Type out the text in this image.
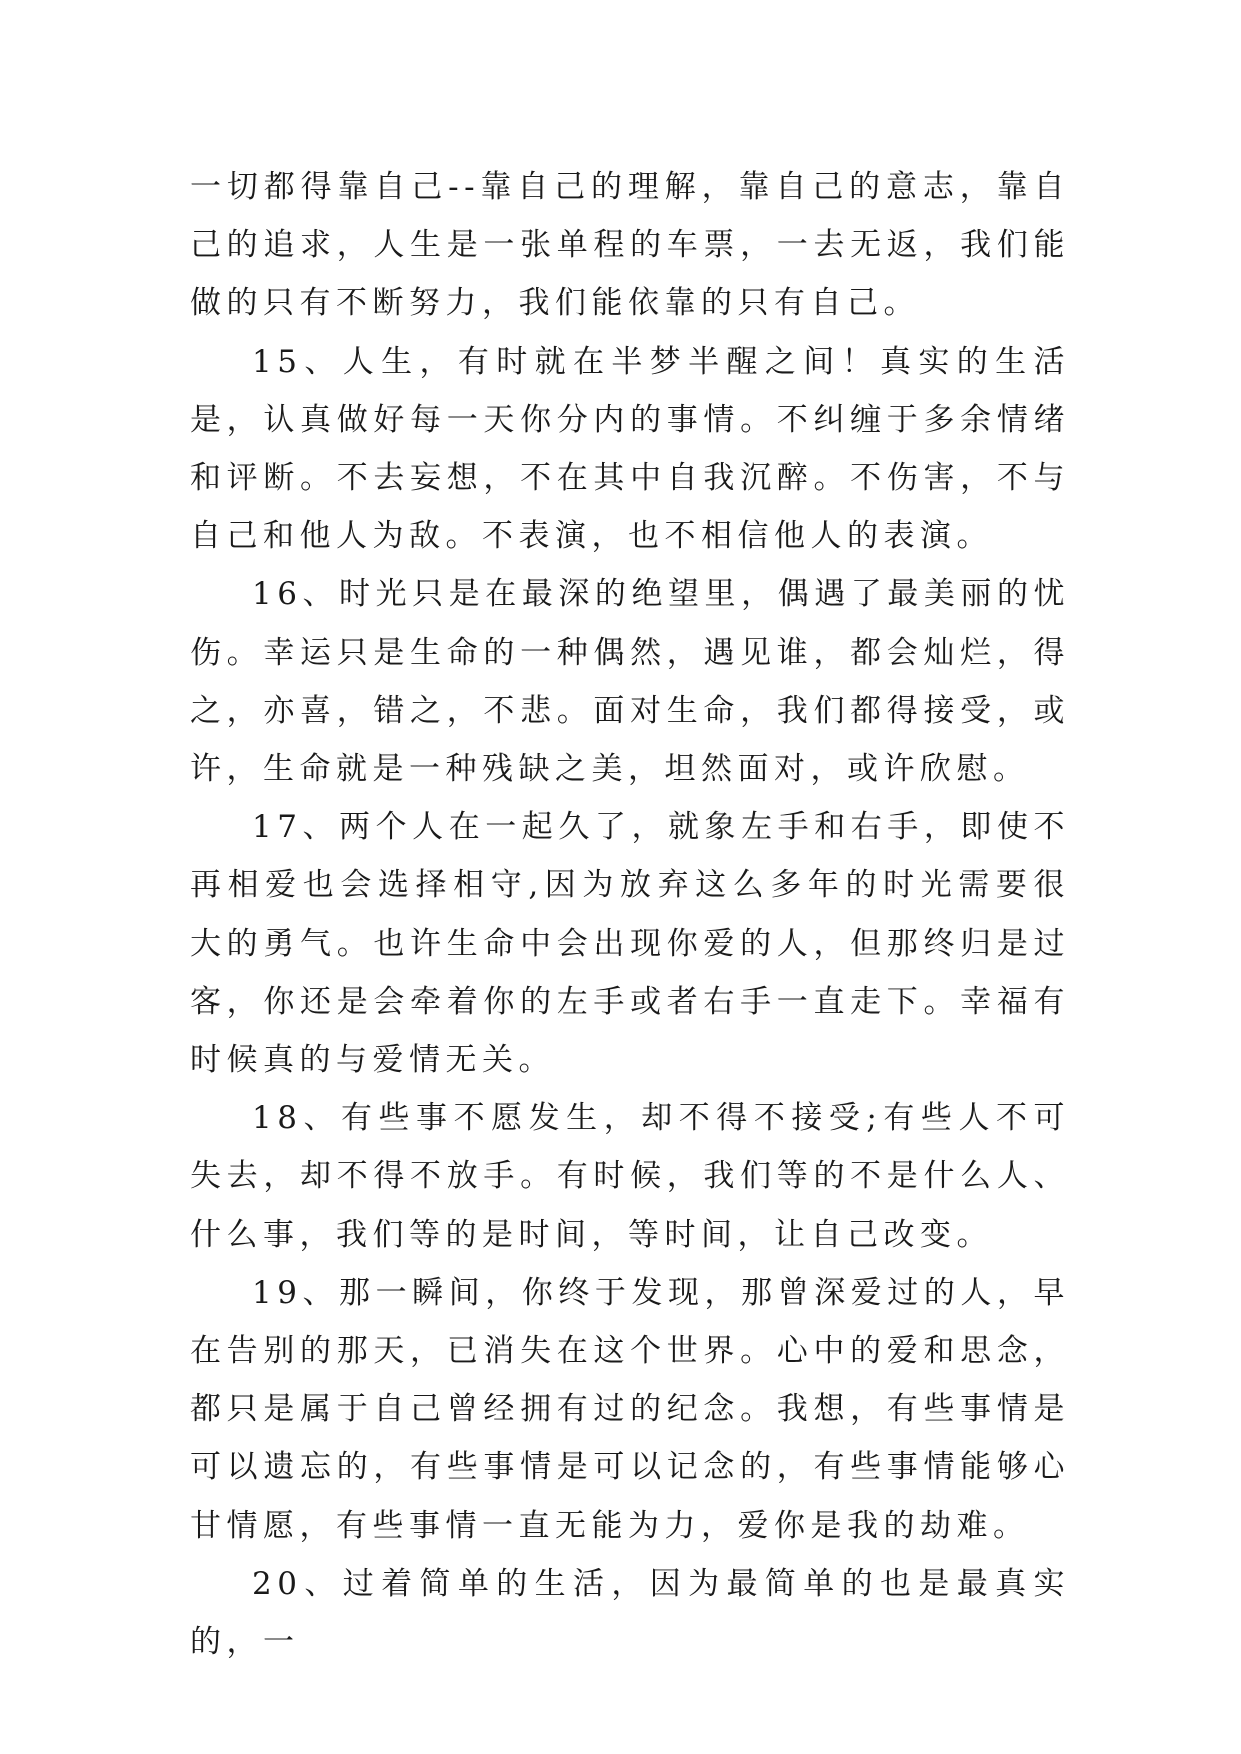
一切都得靠自己--靠自己的理解，靠自己的意志，靠自己的追求，人生是一张单程的车票，一去无返，我们能做的只有不断努力，我们能依靠的只有自己。

15、人生，有时就在半梦半醒之间！真实的生活是，认真做好每一天你分内的事情。不纠缠于多余情绪和评断。不去妄想，不在其中自我沉醉。不伤害，不与自己和他人为敌。不表演，也不相信他人的表演。

16、时光只是在最深的绝望里，偶遇了最美丽的忧伤。幸运只是生命的一种偶然，遇见谁，都会灿烂，得之，亦喜，错之，不悲。面对生命，我们都得接受，或许，生命就是一种残缺之美，坦然面对，或许欣慰。

17、两个人在一起久了，就象左手和右手，即使不再相爱也会选择相守,因为放弃这么多年的时光需要很大的勇气。也许生命中会出现你爱的人，但那终归是过客，你还是会牵着你的左手或者右手一直走下。幸福有时候真的与爱情无关。

18、有些事不愿发生，却不得不接受;有些人不可失去，却不得不放手。有时候，我们等的不是什么人、什么事，我们等的是时间，等时间，让自己改变。

19、那一瞬间，你终于发现，那曾深爱过的人，早在告别的那天，已消失在这个世界。心中的爱和思念，都只是属于自己曾经拥有过的纪念。我想，有些事情是可以遗忘的，有些事情是可以记念的，有些事情能够心甘情愿，有些事情一直无能为力，爱你是我的劫难。

20、过着简单的生活，因为最简单的也是最真实的，一
